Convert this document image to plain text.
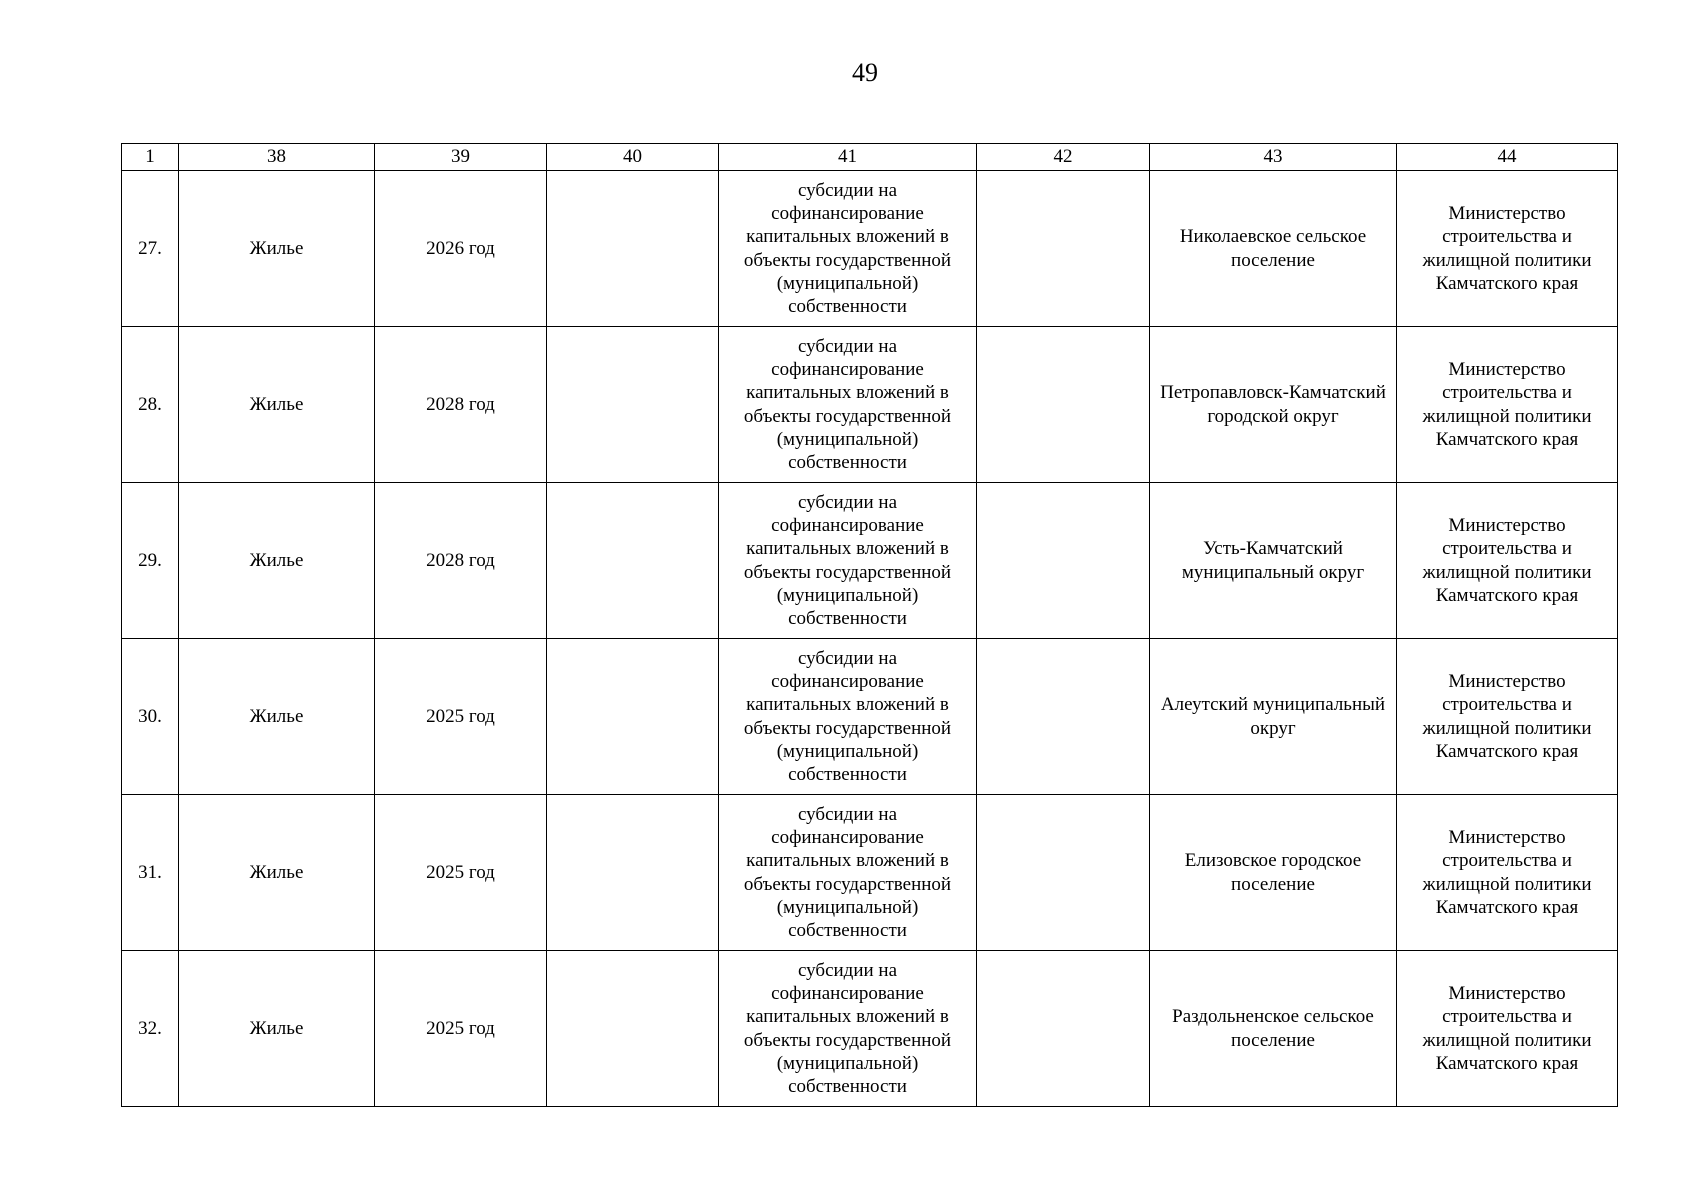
49
1	38	39	40	41	42	43	44
27.	Жилье	2026 год		субсидии на софинансирование капитальных вложений в объекты государственной (муниципальной) собственности		Николаевское сельское поселение	Министерство строительства и жилищной политики Камчатского края
28.	Жилье	2028 год		субсидии на софинансирование капитальных вложений в объекты государственной (муниципальной) собственности		Петропавловск-Камчатский городской округ	Министерство строительства и жилищной политики Камчатского края
29.	Жилье	2028 год		субсидии на софинансирование капитальных вложений в объекты государственной (муниципальной) собственности		Усть-Камчатский муниципальный округ	Министерство строительства и жилищной политики Камчатского края
30.	Жилье	2025 год		субсидии на софинансирование капитальных вложений в объекты государственной (муниципальной) собственности		Алеутский муниципальный округ	Министерство строительства и жилищной политики Камчатского края
31.	Жилье	2025 год		субсидии на софинансирование капитальных вложений в объекты государственной (муниципальной) собственности		Елизовское городское поселение	Министерство строительства и жилищной политики Камчатского края
32.	Жилье	2025 год		субсидии на софинансирование капитальных вложений в объекты государственной (муниципальной) собственности		Раздольненское сельское поселение	Министерство строительства и жилищной политики Камчатского края
